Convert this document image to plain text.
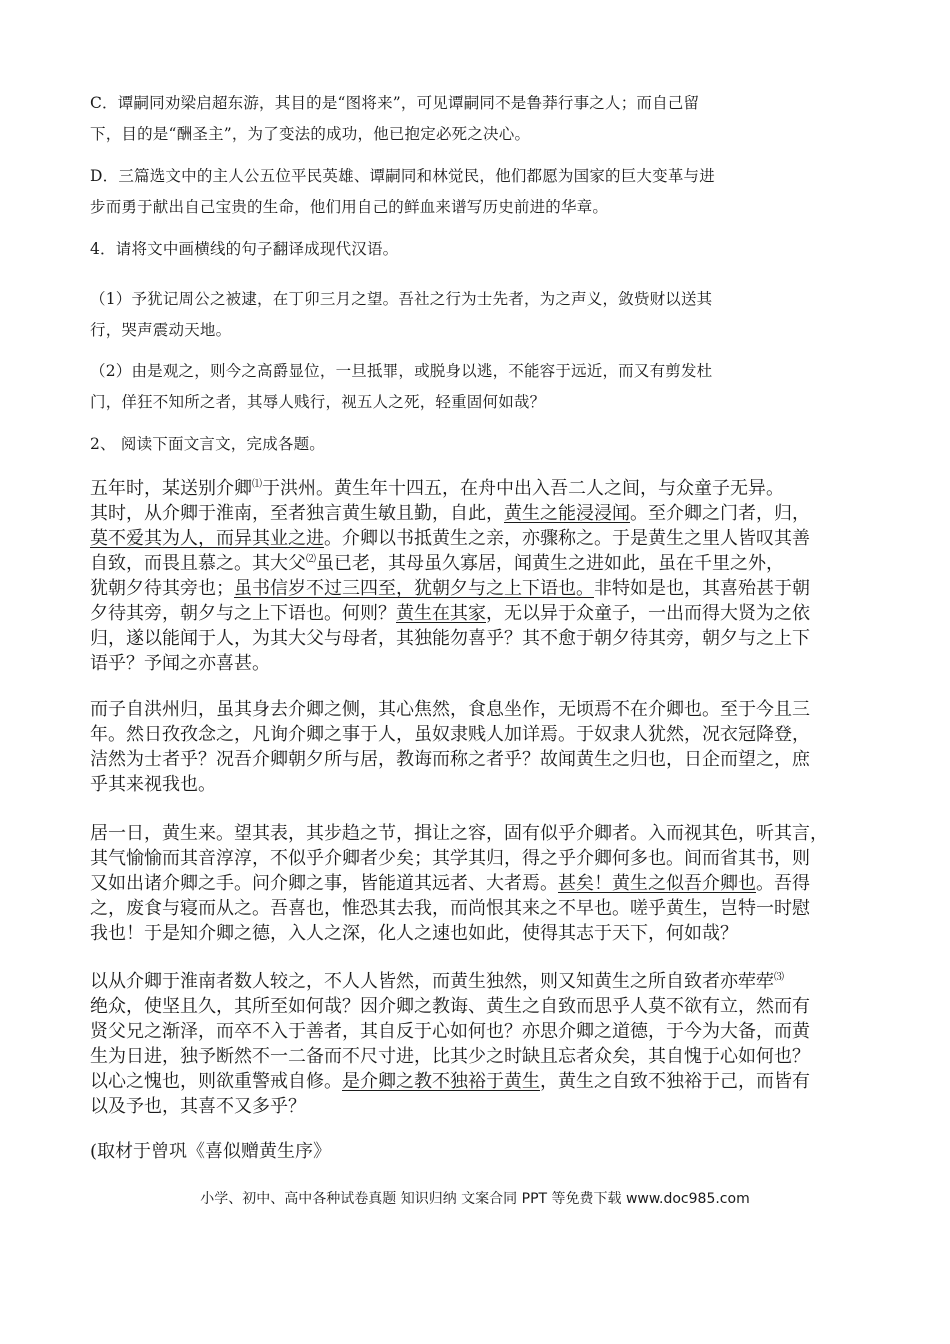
C．谭嗣同劝梁启超东游，其目的是“图将来”，可见谭嗣同不是鲁莽行事之人；而自己留
下，目的是“酬圣主”，为了变法的成功，他已抱定必死之决心。

D．三篇选文中的主人公五位平民英雄、谭嗣同和林觉民，他们都愿为国家的巨大变革与进
步而勇于献出自己宝贵的生命，他们用自己的鲜血来谱写历史前进的华章。

4．请将文中画横线的句子翻译成现代汉语。

（1）予犹记周公之被逮，在丁卯三月之望。吾社之行为士先者，为之声义，敛赀财以送其
行，哭声震动天地。

（2）由是观之，则今之高爵显位，一旦抵罪，或脱身以逃，不能容于远近，而又有剪发杜
门，佯狂不知所之者，其辱人贱行，视五人之死，轻重固何如哉？

2、 阅读下面文言文，完成各题。

五年时，某送别介卿⑴于洪州。黄生年十四五，在舟中出入吾二人之间，与众童子无异。
其时，从介卿于淮南，至者独言黄生敏且勤，自此，黄生之能浸浸闻。至介卿之门者，归，
莫不爱其为人，而异其业之进。介卿以书抵黄生之亲，亦骤称之。于是黄生之里人皆叹其善
自致，而畏且慕之。其大父⑵虽已老，其母虽久寡居，闻黄生之进如此，虽在千里之外，
犹朝夕待其旁也；虽书信岁不过三四至，犹朝夕与之上下语也。非特如是也，其喜殆甚于朝
夕待其旁，朝夕与之上下语也。何则？黄生在其家，无以异于众童子，一出而得大贤为之依
归，遂以能闻于人，为其大父与母者，其独能勿喜乎？其不愈于朝夕待其旁，朝夕与之上下
语乎？予闻之亦喜甚。

而子自洪州归，虽其身去介卿之侧，其心焦然，食息坐作，无顷焉不在介卿也。至于今且三
年。然日孜孜念之，凡询介卿之事于人，虽奴隶贱人加详焉。于奴隶人犹然，况衣冠降登，
洁然为士者乎？况吾介卿朝夕所与居，教诲而称之者乎？故闻黄生之归也，日企而望之，庶
乎其来视我也。

居一日，黄生来。望其表，其步趋之节，揖让之容，固有似乎介卿者。入而视其色，听其言，
其气愉愉而其音淳淳，不似乎介卿者少矣；其学其归，得之乎介卿何多也。间而省其书，则
又如出诸介卿之手。问介卿之事，皆能道其远者、大者焉。甚矣！黄生之似吾介卿也。吾得
之，废食与寝而从之。吾喜也，惟恐其去我，而尚恨其来之不早也。嗟乎黄生，岂特一时慰
我也！于是知介卿之德，入人之深，化人之速也如此，使得其志于天下，何如哉？

以从介卿于淮南者数人较之，不人人皆然，而黄生独然，则又知黄生之所自致者亦荦荦⑶
绝众，使坚且久，其所至如何哉？因介卿之教诲、黄生之自致而思乎人莫不欲有立，然而有
贤父兄之渐泽，而卒不入于善者，其自反于心如何也？亦思介卿之道德，于今为大备，而黄
生为日进，独予断然不一二备而不尺寸进，比其少之时缺且忘者众矣，其自愧于心如何也？
以心之愧也，则欲重警戒自修。是介卿之教不独裕于黄生，黄生之自致不独裕于己，而皆有
以及予也，其喜不又多乎？

(取材于曾巩《喜似赠黄生序》

小学、初中、高中各种试卷真题 知识归纳 文案合同 PPT 等免费下载 www.doc985.com
